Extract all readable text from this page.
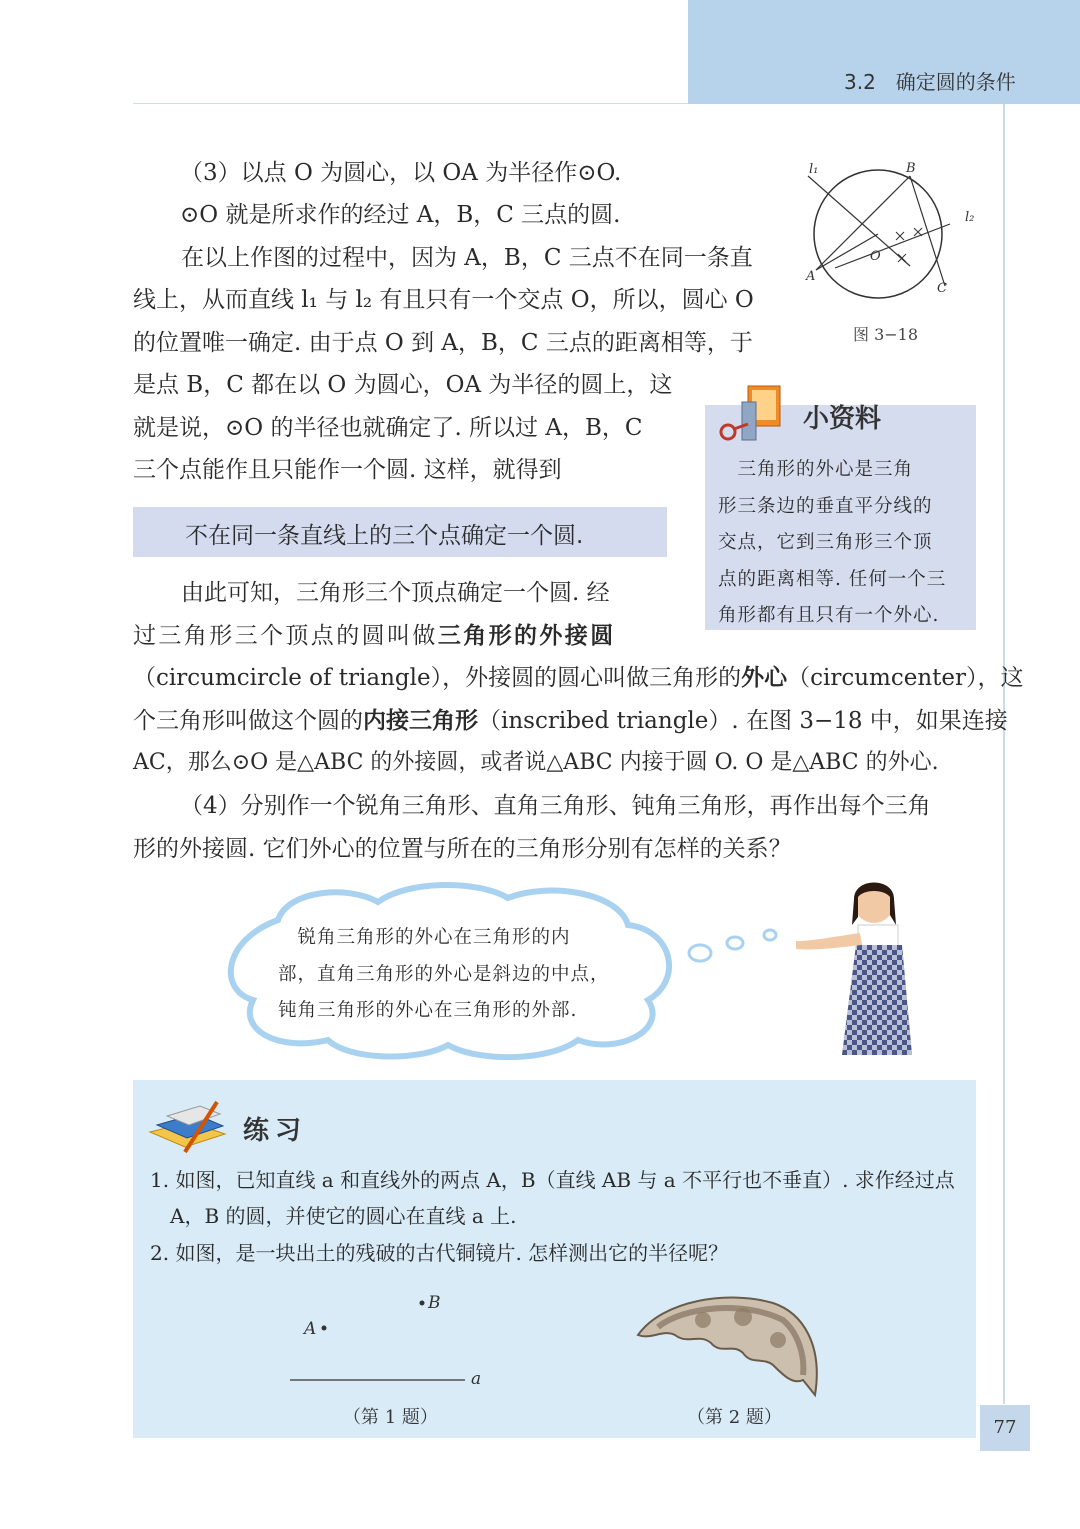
3.2　确定圆的条件
（3）以点 O 为圆心，以 OA 为半径作⊙O.
⊙O 就是所求作的经过 A，B，C 三点的圆.
　在以上作图的过程中，因为 A，B，C 三点不在同一条直
线上，从而直线 l₁ 与 l₂ 有且只有一个交点 O，所以，圆心 O
的位置唯一确定. 由于点 O 到 A，B，C 三点的距离相等，于
是点 B，C 都在以 O 为圆心，OA 为半径的圆上，这
就是说，⊙O 的半径也就确定了. 所以过 A，B，C
三个点能作且只能作一个圆. 这样，就得到
不在同一条直线上的三个点确定一个圆.
　由此可知，三角形三个顶点确定一个圆. 经
过三角形三个顶点的圆叫做三角形的外接圆
（circumcircle of triangle），外接圆的圆心叫做三角形的外心（circumcenter），这
个三角形叫做这个圆的内接三角形（inscribed triangle）. 在图 3−18 中，如果连接
AC，那么⊙O 是△ABC 的外接圆，或者说△ABC 内接于圆 O. O 是△ABC 的外心.
（4）分别作一个锐角三角形、直角三角形、钝角三角形，再作出每个三角
形的外接圆. 它们外心的位置与所在的三角形分别有怎样的关系？
l₁
l₂
B
A
C
O
图 3−18
小资料
　三角形的外心是三角
形三条边的垂直平分线的
交点，它到三角形三个顶
点的距离相等. 任何一个三
角形都有且只有一个外心.
　锐角三角形的外心在三角形的内
部，直角三角形的外心是斜边的中点，
钝角三角形的外心在三角形的外部.
练习
1. 如图，已知直线 a 和直线外的两点 A，B（直线 AB 与 a 不平行也不垂直）. 求作经过点
　A，B 的圆，并使它的圆心在直线 a 上.
2. 如图，是一块出土的残破的古代铜镜片. 怎样测出它的半径呢？
B
A
a
（第 1 题）	（第 2 题）	77
